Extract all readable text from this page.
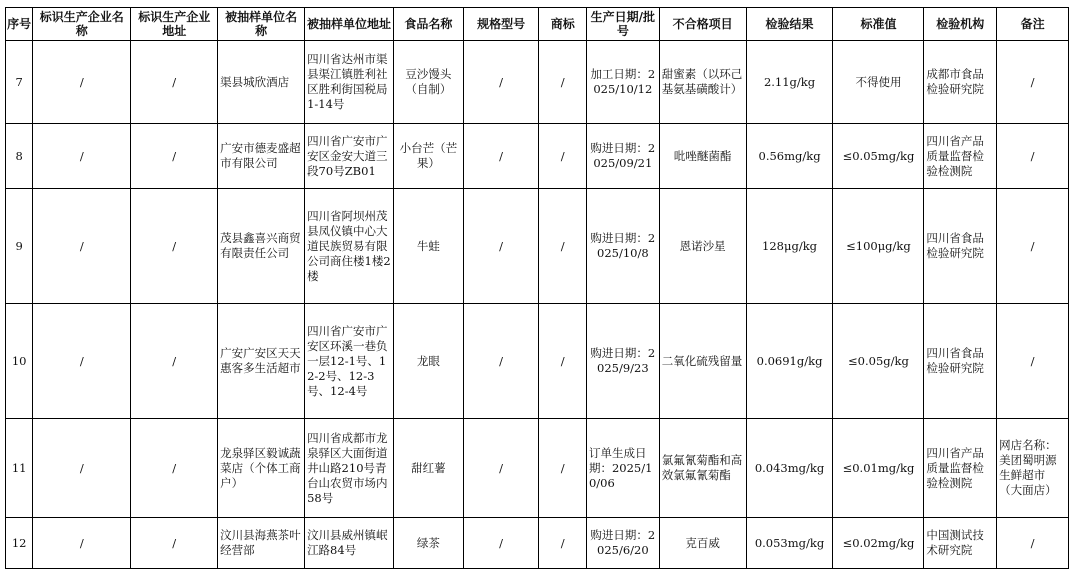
序号	标识生产企业名称	标识生产企业地址	被抽样单位名称	被抽样单位地址	食品名称	规格型号	商标	生产日期/批号	不合格项目	检验结果	标准值	检验机构	备注
7	/	/	渠县城欣酒店	四川省达州市渠县渠江镇胜利社区胜利街国税局1-14号	豆沙馒头（自制）	/	/	加工日期：2025/10/12	甜蜜素（以环己基氨基磺酸计）	2.11g/kg	不得使用	成都市食品检验研究院	/
8	/	/	广安市德麦盛超市有限公司	四川省广安市广安区金安大道三段70号ZB01	小台芒（芒果）	/	/	购进日期：2025/09/21	吡唑醚菌酯	0.56mg/kg	≤0.05mg/kg	四川省产品质量监督检验检测院	/
9	/	/	茂县鑫喜兴商贸有限责任公司	四川省阿坝州茂县凤仪镇中心大道民族贸易有限公司商住楼1楼2楼	牛蛙	/	/	购进日期：2025/10/8	恩诺沙星	128μg/kg	≤100μg/kg	四川省食品检验研究院	/
10	/	/	广安广安区天天惠客多生活超市	四川省广安市广安区环溪一巷负一层12-1号、12-2号、12-3号、12-4号	龙眼	/	/	购进日期：2025/9/23	二氧化硫残留量	0.0691g/kg	≤0.05g/kg	四川省食品检验研究院	/
11	/	/	龙泉驿区毅诚蔬菜店（个体工商户）	四川省成都市龙泉驿区大面街道井山路210号青台山农贸市场内58号	甜红薯	/	/	订单生成日期：2025/10/06	氯氟氰菊酯和高效氯氟氰菊酯	0.043mg/kg	≤0.01mg/kg	四川省产品质量监督检验检测院	网店名称：美团蜀明源生鲜超市（大面店）
12	/	/	汶川县海燕茶叶经营部	汶川县威州镇岷江路84号	绿茶	/	/	购进日期：2025/6/20	克百威	0.053mg/kg	≤0.02mg/kg	中国测试技术研究院	/
